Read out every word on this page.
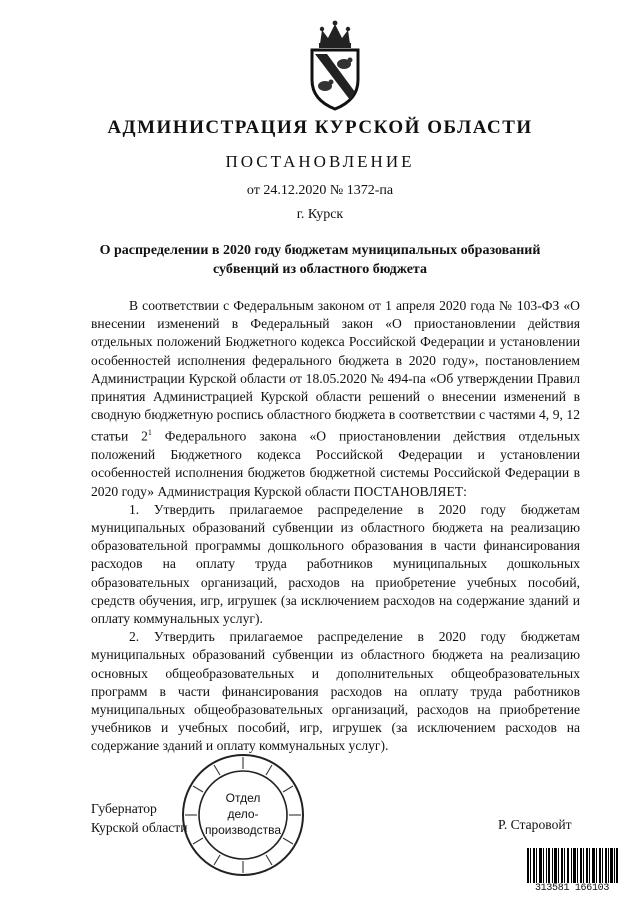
АДМИНИСТРАЦИЯ КУРСКОЙ ОБЛАСТИ
ПОСТАНОВЛЕНИЕ
от 24.12.2020 № 1372-па
г. Курск
О распределении в 2020 году бюджетам муниципальных образований
субвенций из областного бюджета

В соответствии с Федеральным законом от 1 апреля 2020 года № 103-ФЗ «О внесении изменений в Федеральный закон «О приостановлении действия отдельных положений Бюджетного кодекса Российской Федерации и установлении особенностей исполнения федерального бюджета в 2020 году», постановлением Администрации Курской области от 18.05.2020 № 494-па «Об утверждении Правил принятия Администрацией Курской области решений о внесении изменений в сводную бюджетную роспись областного бюджета в соответствии с частями 4, 9, 12 статьи $2^1$ Федерального закона «О приостановлении действия отдельных положений Бюджетного кодекса Российской Федерации и установлении особенностей исполнения бюджетов бюджетной системы Российской Федерации в 2020 году» Администрация Курской области ПОСТАНОВЛЯЕТ:

1. Утвердить прилагаемое распределение в 2020 году бюджетам муниципальных образований субвенции из областного бюджета на реализацию образовательной программы дошкольного образования в части финансирования расходов на оплату труда работников муниципальных дошкольных образовательных организаций, расходов на приобретение учебных пособий, средств обучения, игр, игрушек (за исключением расходов на содержание зданий и оплату коммунальных услуг).

2. Утвердить прилагаемое распределение в 2020 году бюджетам муниципальных образований субвенции из областного бюджета на реализацию основных общеобразовательных и дополнительных общеобразовательных программ в части финансирования расходов на оплату труда работников муниципальных общеобразовательных организаций, расходов на приобретение учебников и учебных пособий, игр, игрушек (за исключением расходов на содержание зданий и оплату коммунальных услуг).

Губернатор
Курской области	Р. Старовойт
Отдел
дело-
производства
313581 166103
